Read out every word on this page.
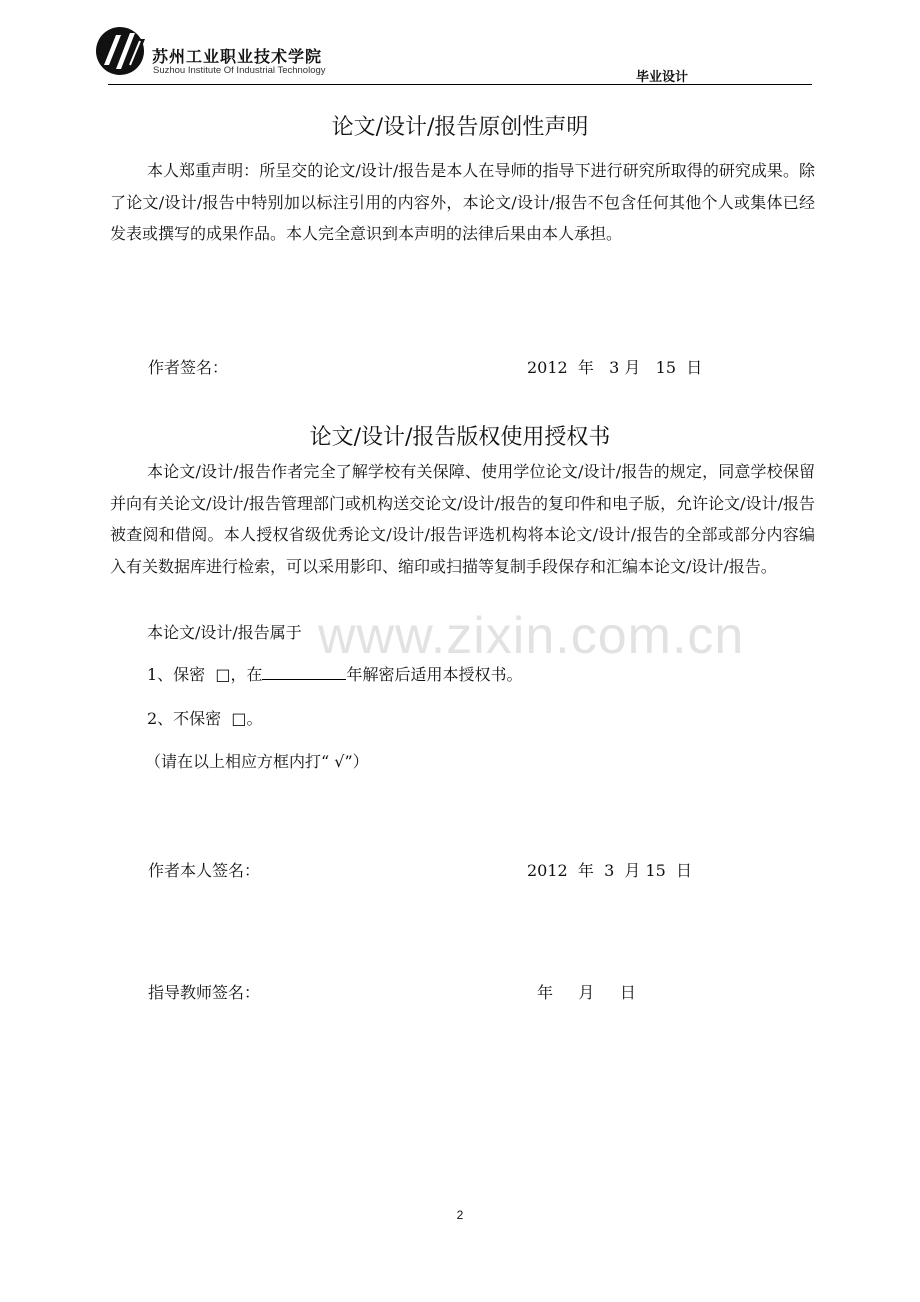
苏州工业职业技术学院
Suzhou Institute Of Industrial Technology	毕业设计
论文/设计/报告原创性声明
本人郑重声明：所呈交的论文/设计/报告是本人在导师的指导下进行研究所取得的研究成果。除了论文/设计/报告中特别加以标注引用的内容外，本论文/设计/报告不包含任何其他个人或集体已经发表或撰写的成果作品。本人完全意识到本声明的法律后果由本人承担。
作者签名：	2012  年   3 月   15  日
论文/设计/报告版权使用授权书
本论文/设计/报告作者完全了解学校有关保障、使用学位论文/设计/报告的规定，同意学校保留并向有关论文/设计/报告管理部门或机构送交论文/设计/报告的复印件和电子版，允许论文/设计/报告被查阅和借阅。本人授权省级优秀论文/设计/报告评选机构将本论文/设计/报告的全部或部分内容编入有关数据库进行检索，可以采用影印、缩印或扫描等复制手段保存和汇编本论文/设计/报告。
www.zixin.com.cn
本论文/设计/报告属于
1、保密  □，在	年解密后适用本授权书。
2、不保密  □。
（请在以上相应方框内打“ √”）
作者本人签名：	2012  年  3  月 15  日
指导教师签名：	年     月     日
2
